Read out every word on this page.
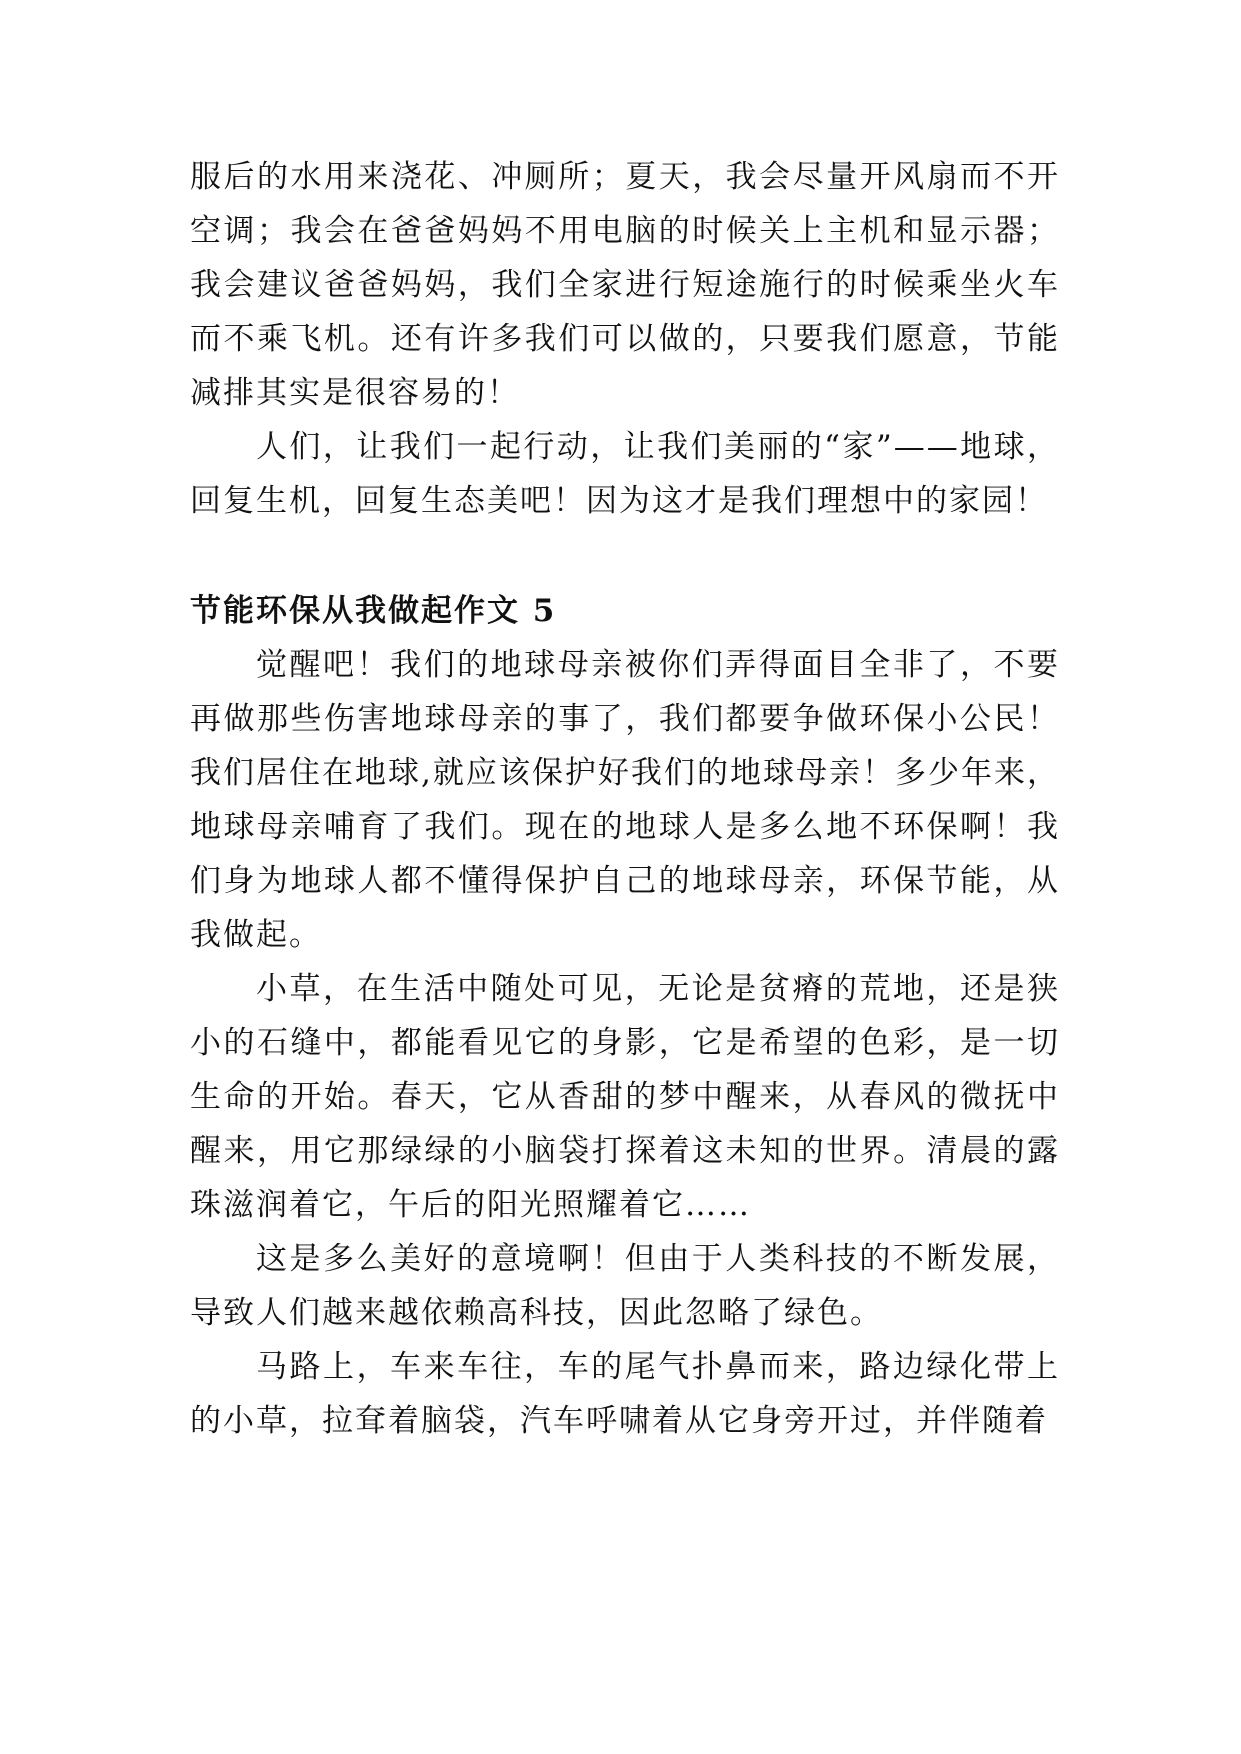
服后的水用来浇花、冲厕所；夏天，我会尽量开风扇而不开空调；我会在爸爸妈妈不用电脑的时候关上主机和显示器；我会建议爸爸妈妈，我们全家进行短途施行的时候乘坐火车而不乘飞机。还有许多我们可以做的，只要我们愿意，节能减排其实是很容易的！

人们，让我们一起行动，让我们美丽的“家”——地球，回复生机，回复生态美吧！因为这才是我们理想中的家园！

节能环保从我做起作文 5

觉醒吧！我们的地球母亲被你们弄得面目全非了，不要再做那些伤害地球母亲的事了，我们都要争做环保小公民！我们居住在地球,就应该保护好我们的地球母亲！多少年来，地球母亲哺育了我们。现在的地球人是多么地不环保啊！我们身为地球人都不懂得保护自己的地球母亲，环保节能，从我做起。

小草，在生活中随处可见，无论是贫瘠的荒地，还是狭小的石缝中，都能看见它的身影，它是希望的色彩，是一切生命的开始。春天，它从香甜的梦中醒来，从春风的微抚中醒来，用它那绿绿的小脑袋打探着这未知的世界。清晨的露珠滋润着它，午后的阳光照耀着它……

这是多么美好的意境啊！但由于人类科技的不断发展，导致人们越来越依赖高科技，因此忽略了绿色。

马路上，车来车往，车的尾气扑鼻而来，路边绿化带上的小草，拉耷着脑袋，汽车呼啸着从它身旁开过，并伴随着
